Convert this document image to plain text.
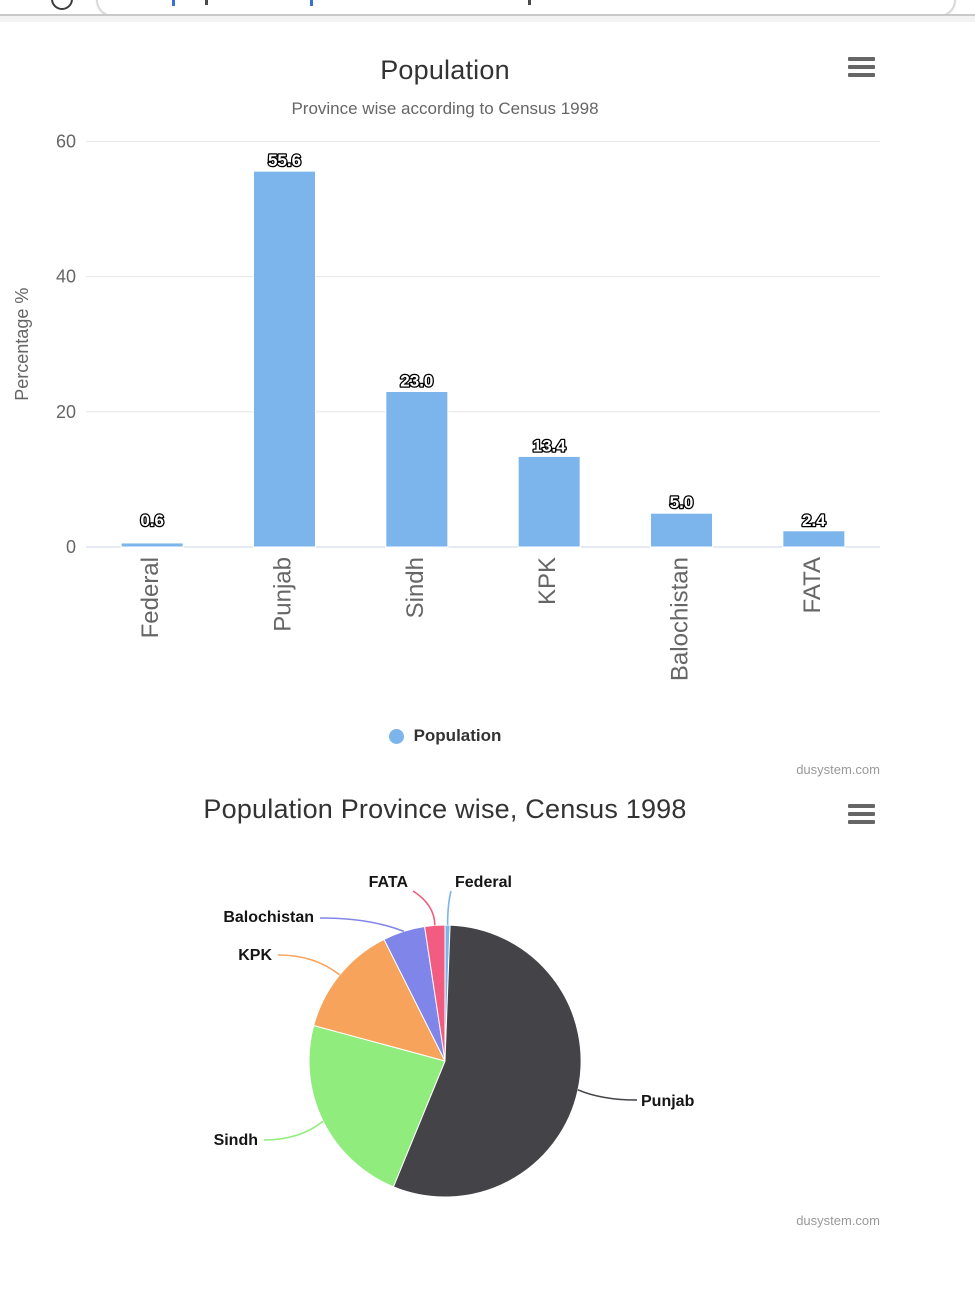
Population
Province wise according to Census 1998
0
20
40
60
Percentage %
0.6
Federal
55.6
Punjab
23.0
Sindh
13.4
KPK
5.0
Balochistan
2.4
FATA
Population
dusystem.com
Population Province wise, Census 1998
Federal
Punjab
Sindh
KPK
Balochistan
FATA
dusystem.com
